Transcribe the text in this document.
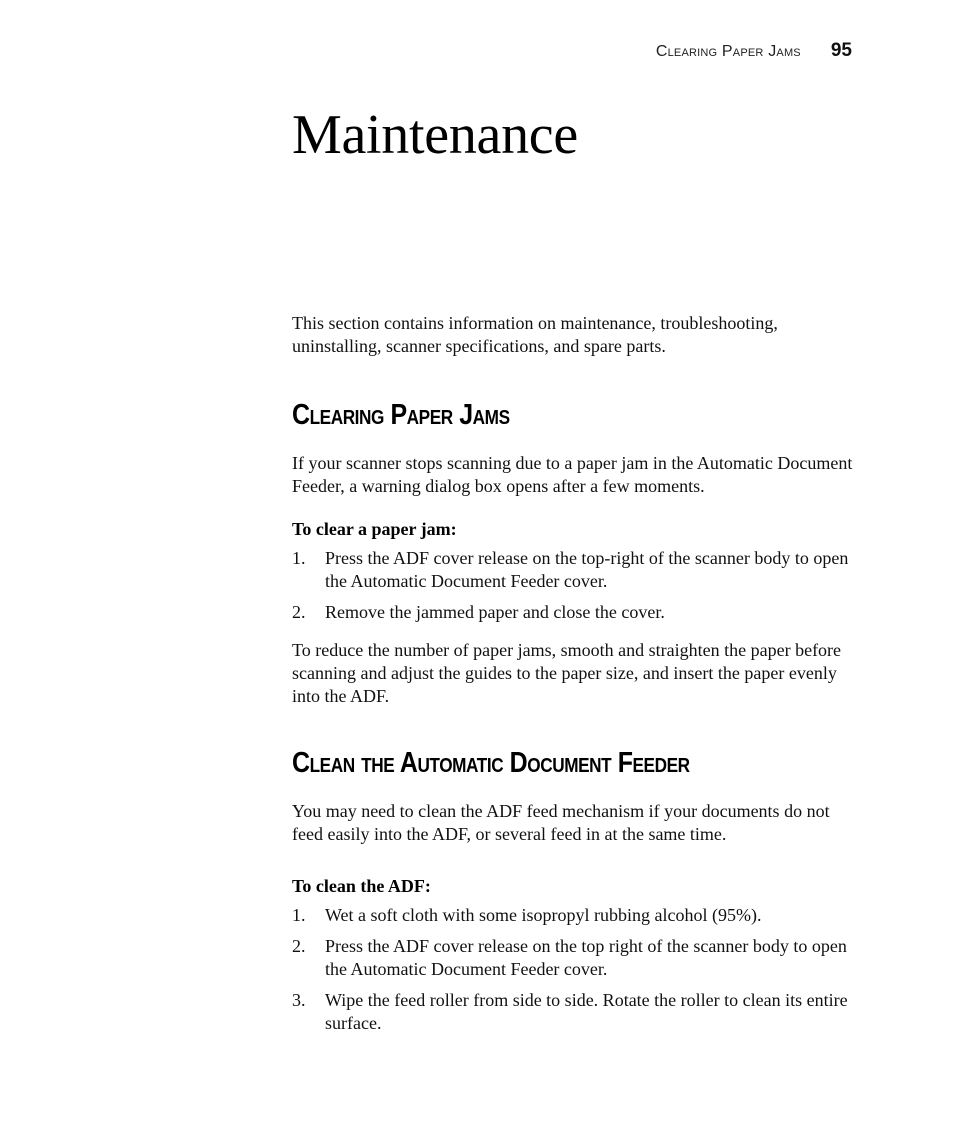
Clearing Paper Jams 95
Maintenance

This section contains information on maintenance, troubleshooting, uninstalling, scanner specifications, and spare parts.

Clearing Paper Jams

If your scanner stops scanning due to a paper jam in the Automatic Document Feeder, a warning dialog box opens after a few moments.

To clear a paper jam:

1.	Press the ADF cover release on the top-right of the scanner body to open the Automatic Document Feeder cover.
2.	Remove the jammed paper and close the cover.

To reduce the number of paper jams, smooth and straighten the paper before scanning and adjust the guides to the paper size, and insert the paper evenly into the ADF.

Clean the Automatic Document Feeder

You may need to clean the ADF feed mechanism if your documents do not feed easily into the ADF, or several feed in at the same time.

To clean the ADF:

1.	Wet a soft cloth with some isopropyl rubbing alcohol (95%).
2.	Press the ADF cover release on the top right of the scanner body to open the Automatic Document Feeder cover.
3.	Wipe the feed roller from side to side. Rotate the roller to clean its entire surface.
